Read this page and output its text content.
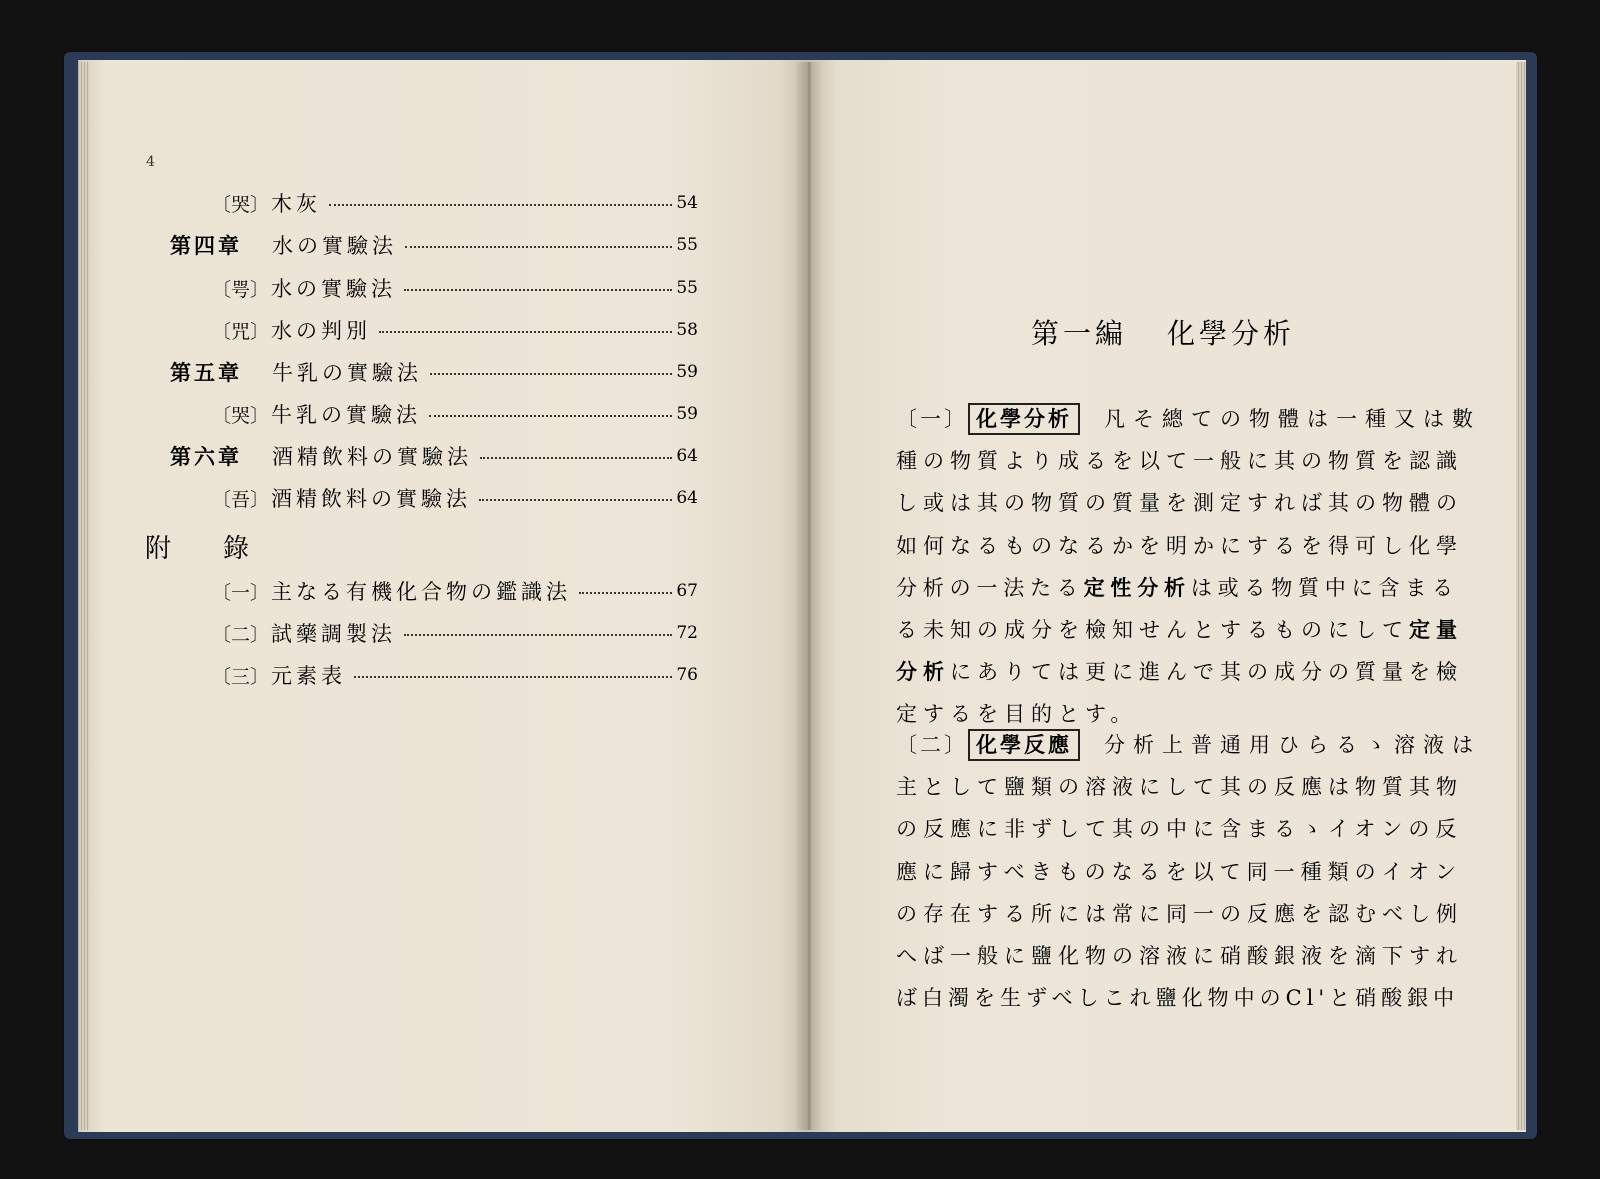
4
〔哭〕 木灰	54
第四章 水の實驗法	55
〔咢〕 水の實驗法	55
〔咒〕 水の判別	58
第五章 牛乳の實驗法	59
〔哭〕 牛乳の實驗法	59
第六章 酒精飲料の實驗法	64
〔吾〕 酒精飲料の實驗法	64
附 錄
〔一〕 主なる有機化合物の鑑識法	67
〔二〕 試藥調製法	72
〔三〕 元素表	76
第一編 化學分析
〔一〕 化學分析 凡そ總ての物體は一種又は數
種の物質より成るを以て一般に其の物質を認識
し或は其の物質の質量を測定すれば其の物體の
如何なるものなるかを明かにするを得可し化學
分析の一法たる定性分析は或る物質中に含まる
る未知の成分を檢知せんとするものにして定量
分析にありては更に進んで其の成分の質量を檢
定するを目的とす。
〔二〕 化學反應 分析上普通用ひらるゝ溶液は
主として鹽類の溶液にして其の反應は物質其物
の反應に非ずして其の中に含まるゝイオンの反
應に歸すべきものなるを以て同一種類のイオン
の存在する所には常に同一の反應を認むべし例
へば一般に鹽化物の溶液に硝酸銀液を滴下すれ
ば白濁を生ずべしこれ鹽化物中のCl'と硝酸銀中
